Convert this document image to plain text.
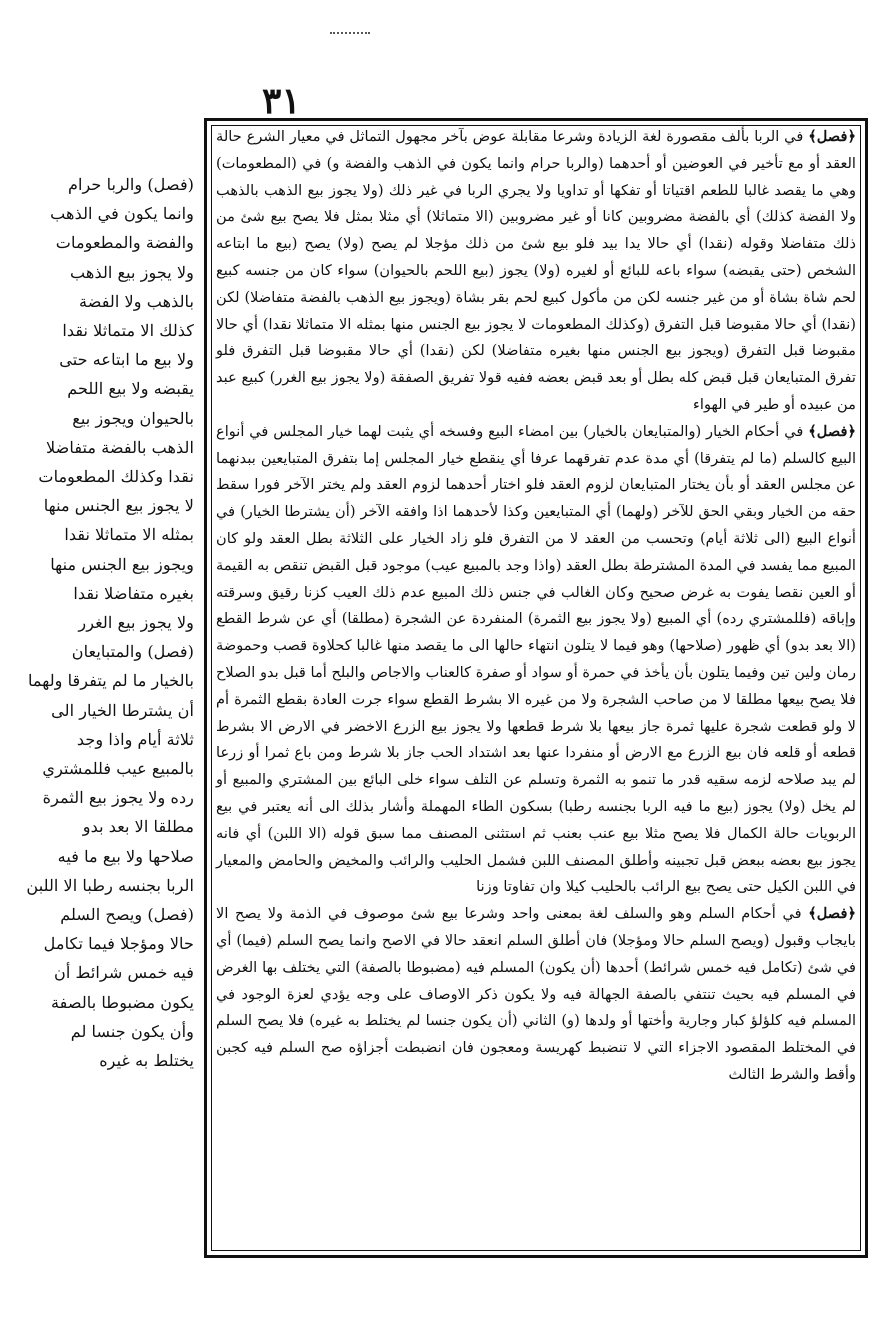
٣١

﴿ فصل ﴾ في الربا بألف مقصورة لغة الزيادة وشرعا مقابلة عوض بآخر مجهول التماثل في معيار الشرع حالة العقد أو مع تأخير في العوضين أو أحدهما (والربا حرام وانما يكون في الذهب والفضة و) في (المطعومات) وهي ما يقصد غالبا للطعم اقتياتا أو تفكها أو تداويا ولا يجري الربا في غير ذلك (ولا يجوز بيع الذهب بالذهب ولا الفضة كذلك) أي بالفضة مضروبين كانا أو غير مضروبين (الا متماثلا) أي مثلا بمثل فلا يصح بيع شئ من ذلك متفاضلا وقوله (نقدا) أي حالا يدا بيد فلو بيع شئ من ذلك مؤجلا لم يصح (ولا) يصح (بيع ما ابتاعه الشخص (حتى يقبضه) سواء باعه للبائع أو لغيره (ولا) يجوز (بيع اللحم بالحيوان) سواء كان من جنسه كبيع لحم شاة بشاة أو من غير جنسه لكن من مأكول كبيع لحم بقر بشاة (ويجوز بيع الذهب بالفضة متفاضلا) لكن (نقدا) أي حالا مقبوضا قبل التفرق (وكذلك المطعومات لا يجوز بيع الجنس منها بمثله الا متماثلا نقدا) أي حالا مقبوضا قبل التفرق (ويجوز بيع الجنس منها بغيره متفاضلا) لكن (نقدا) أي حالا مقبوضا قبل التفرق فلو تفرق المتبايعان قبل قبض كله بطل أو بعد قبض بعضه ففيه قولا تفريق الصفقة (ولا يجوز بيع الغرر) كبيع عبد من عبيده أو طير في الهواء

﴿ فصل ﴾ في أحكام الخيار (والمتبايعان بالخيار) بين امضاء البيع وفسخه أي يثبت لهما خيار المجلس في أنواع البيع كالسلم (ما لم يتفرقا) أي مدة عدم تفرقهما عرفا أي ينقطع خيار المجلس إما بتفرق المتبايعين ببدنهما عن مجلس العقد أو بأن يختار المتبايعان لزوم العقد فلو اختار أحدهما لزوم العقد ولم يختر الآخر فورا سقط حقه من الخيار وبقي الحق للآخر (ولهما) أي المتبايعين وكذا لأحدهما اذا وافقه الآخر (أن يشترطا الخيار) في أنواع البيع (الى ثلاثة أيام) وتحسب من العقد لا من التفرق فلو زاد الخيار على الثلاثة بطل العقد ولو كان المبيع مما يفسد في المدة المشترطة بطل العقد (واذا وجد بالمبيع عيب) موجود قبل القبض تنقص به القيمة أو العين نقصا يفوت به غرض صحيح وكان الغالب في جنس ذلك المبيع عدم ذلك العيب كزنا رقيق وسرقته وإباقه (فللمشتري رده) أي المبيع (ولا يجوز بيع الثمرة) المنفردة عن الشجرة (مطلقا) أي عن شرط القطع (الا بعد بدو) أي ظهور (صلاحها) وهو فيما لا يتلون انتهاء حالها الى ما يقصد منها غالبا كحلاوة قصب وحموضة رمان ولين تين وفيما يتلون بأن يأخذ في حمرة أو سواد أو صفرة كالعناب والاجاص والبلح أما قبل بدو الصلاح فلا يصح بيعها مطلقا لا من صاحب الشجرة ولا من غيره الا بشرط القطع سواء جرت العادة بقطع الثمرة أم لا ولو قطعت شجرة عليها ثمرة جاز بيعها بلا شرط قطعها ولا يجوز بيع الزرع الاخضر في الارض الا بشرط قطعه أو قلعه فان بيع الزرع مع الارض أو منفردا عنها بعد اشتداد الحب جاز بلا شرط ومن باع ثمرا أو زرعا لم يبد صلاحه لزمه سقيه قدر ما تنمو به الثمرة وتسلم عن التلف سواء خلى البائع بين المشتري والمبيع أو لم يخل (ولا) يجوز (بيع ما فيه الربا بجنسه رطبا) بسكون الطاء المهملة وأشار بذلك الى أنه يعتبر في بيع الربويات حالة الكمال فلا يصح مثلا بيع عنب بعنب ثم استثنى المصنف مما سبق قوله (الا اللبن) أي فانه يجوز بيع بعضه ببعض قبل تجبينه وأطلق المصنف اللبن فشمل الحليب والرائب والمخيض والحامض والمعيار في اللبن الكيل حتى يصح بيع الرائب بالحليب كيلا وان تفاوتا وزنا

﴿ فصل ﴾ في أحكام السلم وهو والسلف لغة بمعنى واحد وشرعا بيع شئ موصوف في الذمة ولا يصح الا بايجاب وقبول (ويصح السلم حالا ومؤجلا) فان أطلق السلم انعقد حالا في الاصح وانما يصح السلم (فيما) أي في شئ (تكامل فيه خمس شرائط) أحدها (أن يكون) المسلم فيه (مضبوطا بالصفة) التي يختلف بها الغرض في المسلم فيه بحيث تنتفي بالصفة الجهالة فيه ولا يكون ذكر الاوصاف على وجه يؤدي لعزة الوجود في المسلم فيه كلؤلؤ كبار وجارية وأختها أو ولدها (و) الثاني (أن يكون جنسا لم يختلط به غيره) فلا يصح السلم في المختلط المقصود الاجزاء التي لا تنضبط كهريسة ومعجون فان انضبطت أجزاؤه صح السلم فيه كجبن وأقط والشرط الثالث

(فصل) والربا حرام

وانما يكون في الذهب

والفضة والمطعومات

ولا يجوز بيع الذهب

بالذهب ولا الفضة

كذلك الا متماثلا نقدا

ولا بيع ما ابتاعه حتى

يقبضه ولا بيع اللحم

بالحيوان ويجوز بيع

الذهب بالفضة متفاضلا

نقدا وكذلك المطعومات

لا يجوز بيع الجنس منها

بمثله الا متماثلا نقدا

ويجوز بيع الجنس منها

بغيره متفاضلا نقدا

ولا يجوز بيع الغرر

(فصل) والمتبايعان

بالخيار ما لم يتفرقا ولهما

أن يشترطا الخيار الى

ثلاثة أيام واذا وجد

بالمبيع عيب فللمشتري

رده ولا يجوز بيع الثمرة

مطلقا الا بعد بدو

صلاحها ولا بيع ما فيه

الربا بجنسه رطبا الا اللبن

(فصل) ويصح السلم

حالا ومؤجلا فيما تكامل

فيه خمس شرائط أن

يكون مضبوطا بالصفة

وأن يكون جنسا لم

يختلط به غيره
